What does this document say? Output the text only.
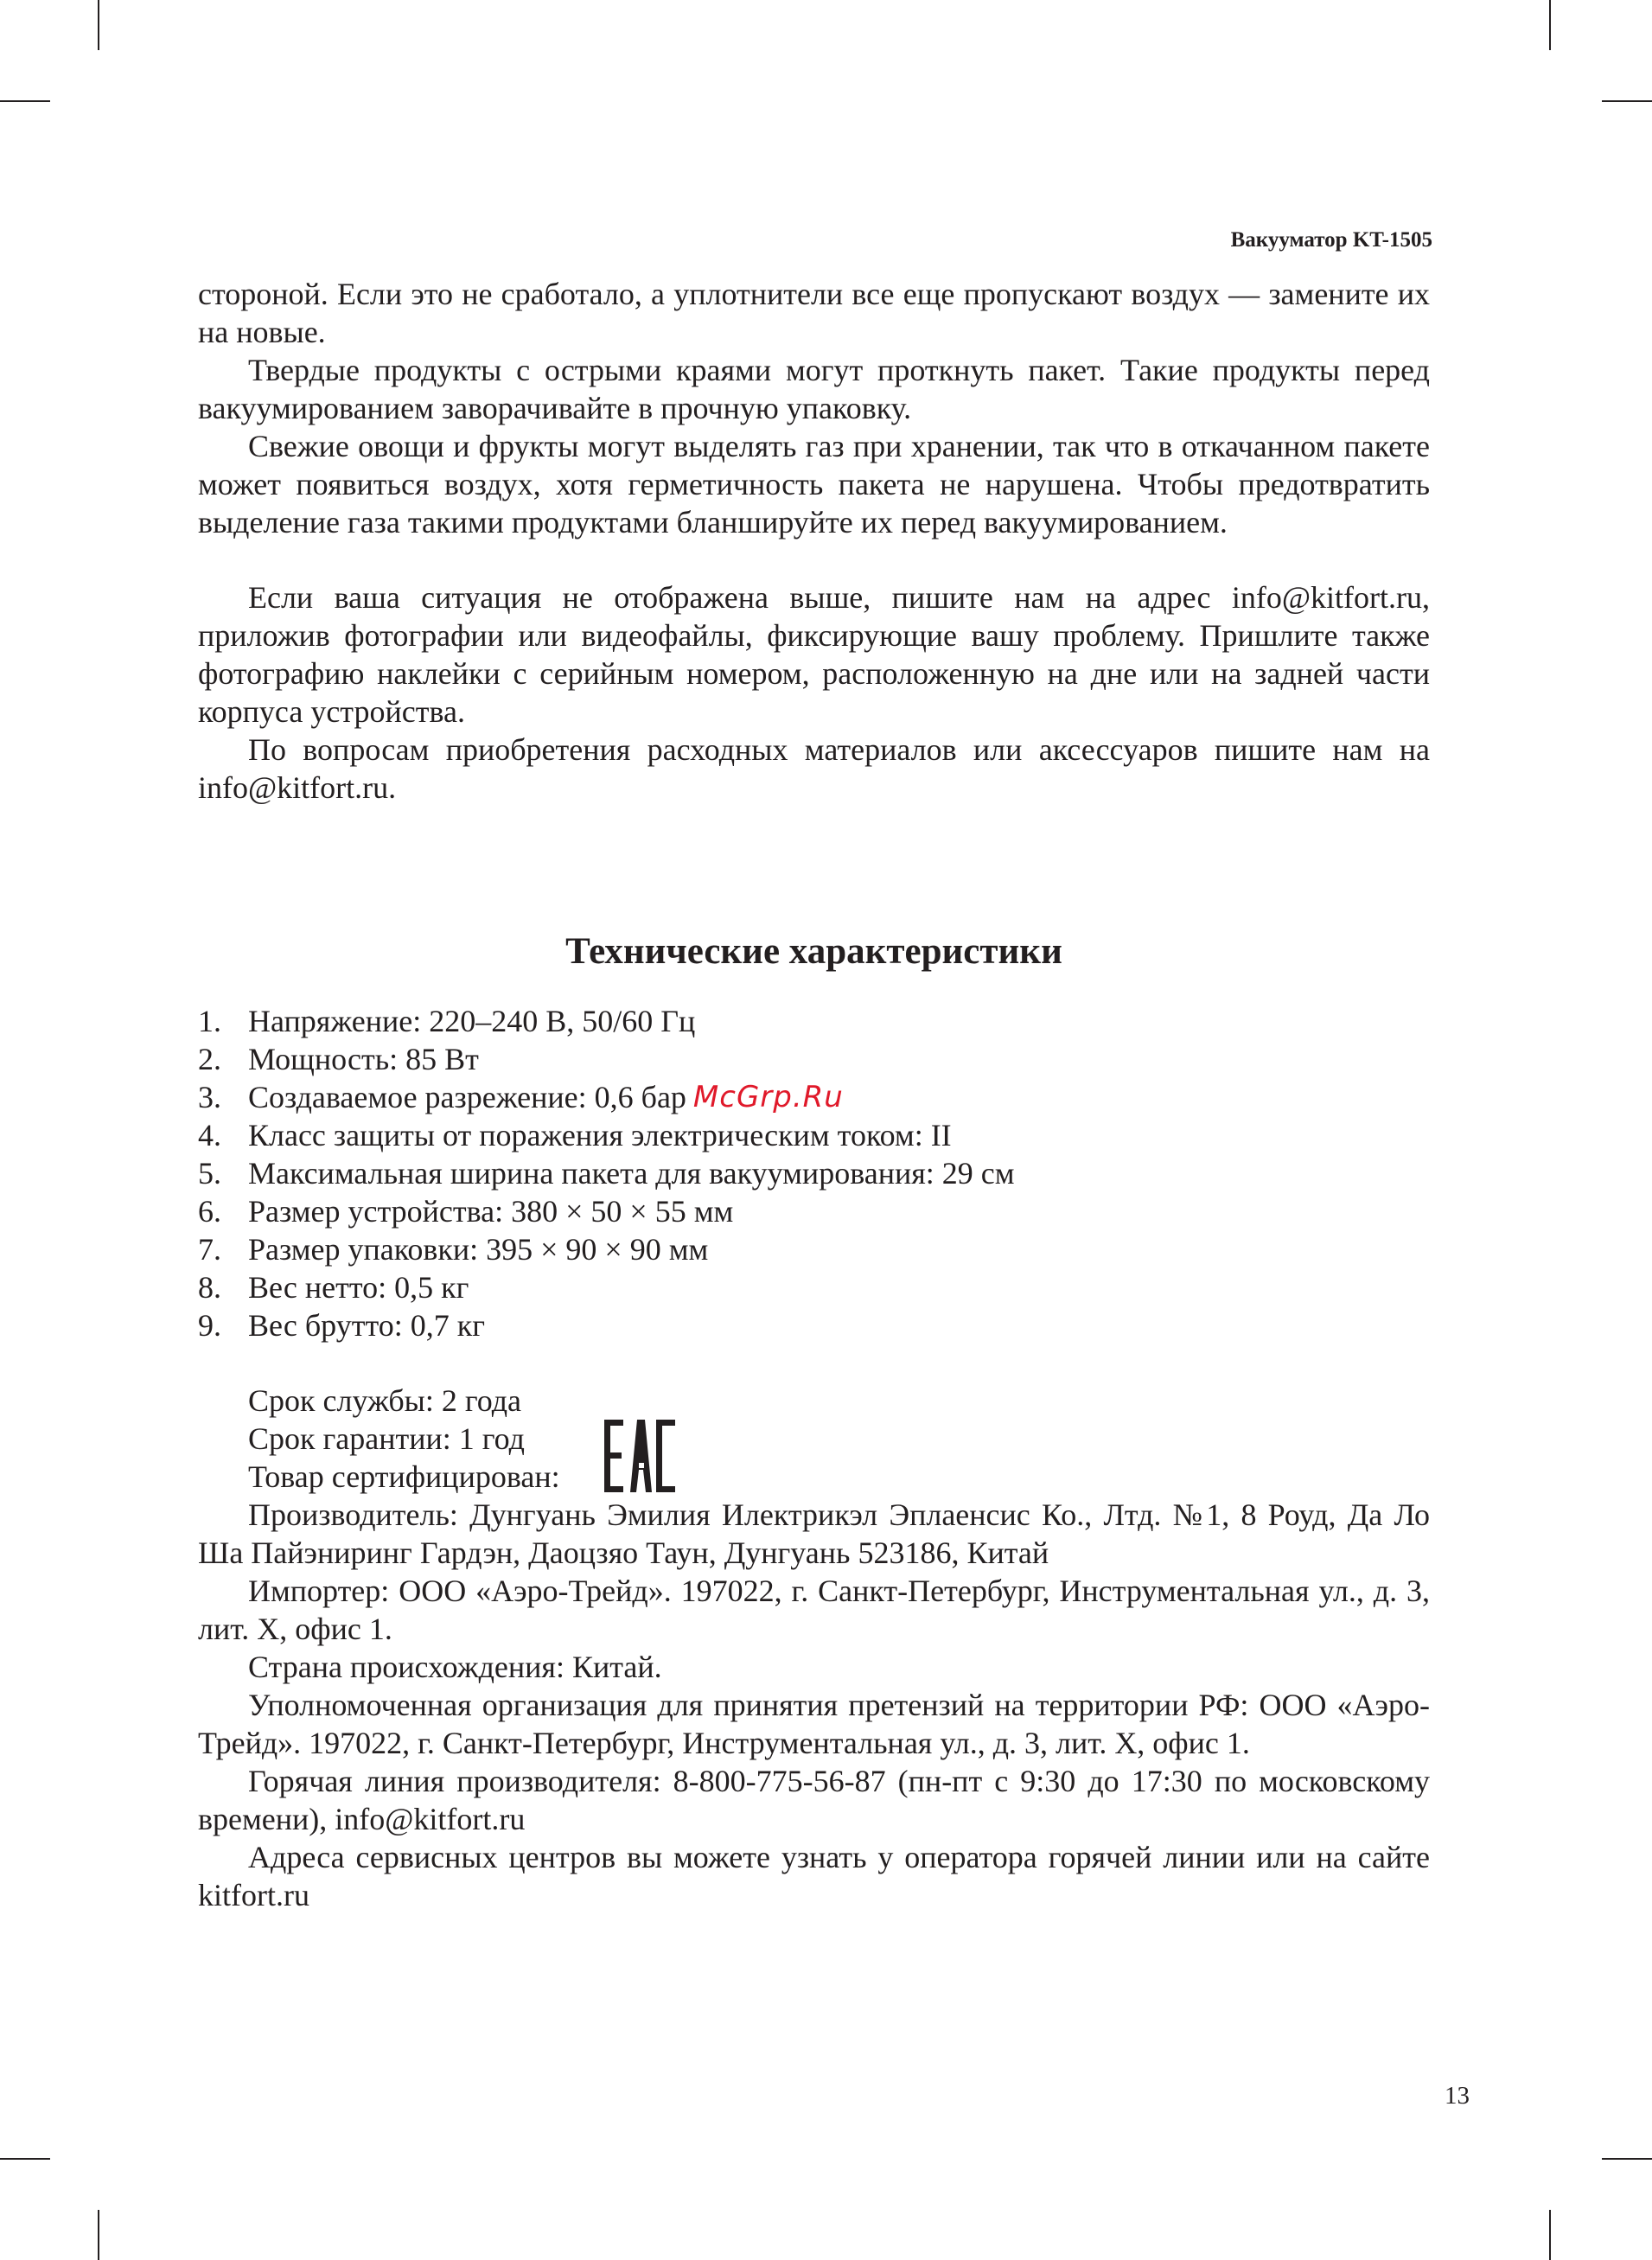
Вакууматор KT-1505

стороной. Если это не сработало, а уплотнители все еще пропускают воздух — замените их на новые.

Твердые продукты с острыми краями могут проткнуть пакет. Такие продукты перед вакуумированием заворачивайте в прочную упаковку.

Свежие овощи и фрукты могут выделять газ при хранении, так что в откачанном пакете может появиться воздух, хотя герметичность пакета не нарушена. Чтобы предотвратить выделение газа такими продуктами бланшируйте их перед вакуумированием.

Если ваша ситуация не отображена выше, пишите нам на адрес info@kitfort.ru, приложив фотографии или видеофайлы, фиксирующие вашу проблему. Пришлите также фотографию наклейки с серийным номером, расположенную на дне или на задней части корпуса устройства.

По вопросам приобретения расходных материалов или аксессуаров пишите нам на info@kitfort.ru.

Технические характеристики
1. Напряжение: 220–240 В, 50/60 Гц
2. Мощность: 85 Вт
3. Создаваемое разрежение: 0,6 бар McGrp.Ru
4. Класс защиты от поражения электрическим током: II
5. Максимальная ширина пакета для вакуумирования: 29 см
6. Размер устройства: 380 × 50 × 55 мм
7. Размер упаковки: 395 × 90 × 90 мм
8. Вес нетто: 0,5 кг
9. Вес брутто: 0,7 кг

Срок службы: 2 года

Срок гарантии: 1 год

Товар сертифицирован:

Производитель: Дунгуань Эмилия Илектрикэл Эплаенсис Ко., Лтд. №1, 8 Роуд, Да Ло Ша Пайэниринг Гардэн, Даоцзяо Таун, Дунгуань 523186, Китай

Импортер: ООО «Аэро-Трейд». 197022, г. Санкт-Петербург, Инструментальная ул., д. 3, лит. Х, офис 1.

Страна происхождения: Китай.

Уполномоченная организация для принятия претензий на территории РФ: ООО «Аэро-Трейд». 197022, г. Санкт-Петербург, Инструментальная ул., д. 3, лит. Х, офис 1.

Горячая линия производителя: 8-800-775-56-87 (пн-пт с 9:30 до 17:30 по московскому времени), info@kitfort.ru

Адреса сервисных центров вы можете узнать у оператора горячей линии или на сайте kitfort.ru

13
